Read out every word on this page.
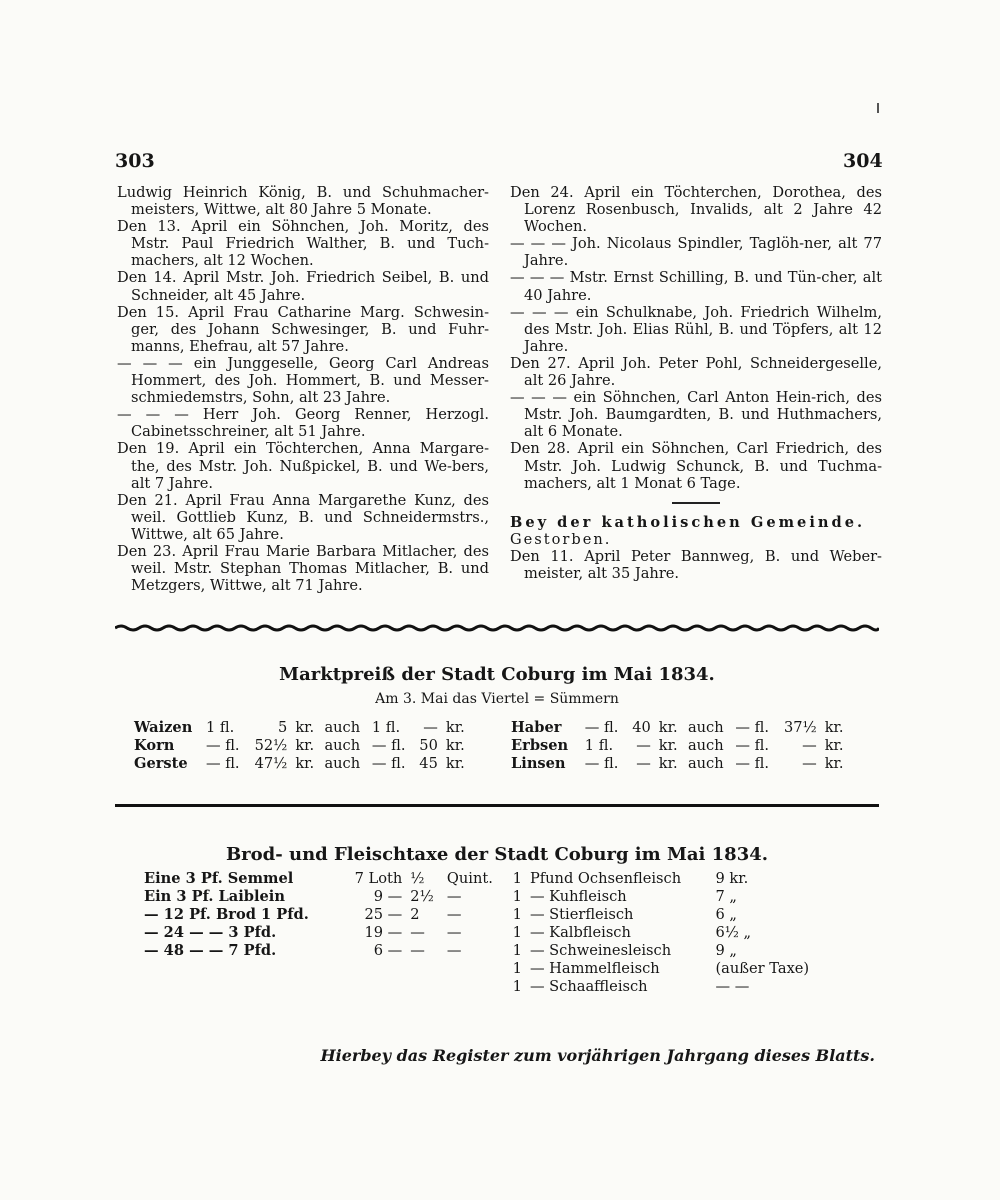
303	304

Ludwig Heinrich König, B. und Schuhmacher-meisters, Wittwe, alt 80 Jahre 5 Monate.

Den 13. April ein Söhnchen, Joh. Moritz, des Mstr. Paul Friedrich Walther, B. und Tuch-machers, alt 12 Wochen.

Den 14. April Mstr. Joh. Friedrich Seibel, B. und Schneider, alt 45 Jahre.

Den 15. April Frau Catharine Marg. Schwesin-ger, des Johann Schwesinger, B. und Fuhr-manns, Ehefrau, alt 57 Jahre.

— — — ein Junggeselle, Georg Carl Andreas Hommert, des Joh. Hommert, B. und Messer-schmiedemstrs, Sohn, alt 23 Jahre.

— — — Herr Joh. Georg Renner, Herzogl. Cabinetsschreiner, alt 51 Jahre.

Den 19. April ein Töchterchen, Anna Margare-the, des Mstr. Joh. Nußpickel, B. und We-bers, alt 7 Jahre.

Den 21. April Frau Anna Margarethe Kunz, des weil. Gottlieb Kunz, B. und Schneidermstrs., Wittwe, alt 65 Jahre.

Den 23. April Frau Marie Barbara Mitlacher, des weil. Mstr. Stephan Thomas Mitlacher, B. und Metzgers, Wittwe, alt 71 Jahre.

Den 24. April ein Töchterchen, Dorothea, des Lorenz Rosenbusch, Invalids, alt 2 Jahre 42 Wochen.

— — — Joh. Nicolaus Spindler, Taglöh-ner, alt 77 Jahre.

— — — Mstr. Ernst Schilling, B. und Tün-cher, alt 40 Jahre.

— — — ein Schulknabe, Joh. Friedrich Wilhelm, des Mstr. Joh. Elias Rühl, B. und Töpfers, alt 12 Jahre.

Den 27. April Joh. Peter Pohl, Schneidergeselle, alt 26 Jahre.

— — — ein Söhnchen, Carl Anton Hein-rich, des Mstr. Joh. Baumgardten, B. und Huthmachers, alt 6 Monate.

Den 28. April ein Söhnchen, Carl Friedrich, des Mstr. Joh. Ludwig Schunck, B. und Tuchma-machers, alt 1 Monat 6 Tage.

Bey der katholischen Gemeinde.

Gestorben.

Den 11. April Peter Bannweg, B. und Weber-meister, alt 35 Jahre.

Marktpreiß der Stadt Coburg im Mai 1834.
Am 3. Mai das Viertel = Sümmern
Waizen	1 fl.	5	kr.	auch	1 fl.	—	kr.	Haber	— fl.	40	kr.	auch	— fl.	37½	kr.
Korn	— fl.	52½	kr.	auch	— fl.	50	kr.	Erbsen	1 fl.	—	kr.	auch	— fl.	—	kr.
Gerste	— fl.	47½	kr.	auch	— fl.	45	kr.	Linsen	— fl.	—	kr.	auch	— fl.	—	kr.
Brod- und Fleischtaxe der Stadt Coburg im Mai 1834.
Eine 3 Pf. Semmel	7 Loth	½	Quint.	1	Pfund Ochsenfleisch	9 kr.
Ein 3 Pf. Laiblein	9 —	2½	—	1	— Kuhfleisch	7 „
— 12 Pf. Brod 1 Pfd.	25 —	2	—	1	— Stierfleisch	6 „
— 24 — — 3 Pfd.	19 —	—	—	1	— Kalbfleisch	6½ „
— 48 — — 7 Pfd.	6 —	—	—	1	— Schweinesleisch	9 „
				1	— Hammelfleisch	(außer Taxe)
				1	— Schaaffleisch	— —
Hierbey das Register zum vorjährigen Jahrgang dieses Blatts.
